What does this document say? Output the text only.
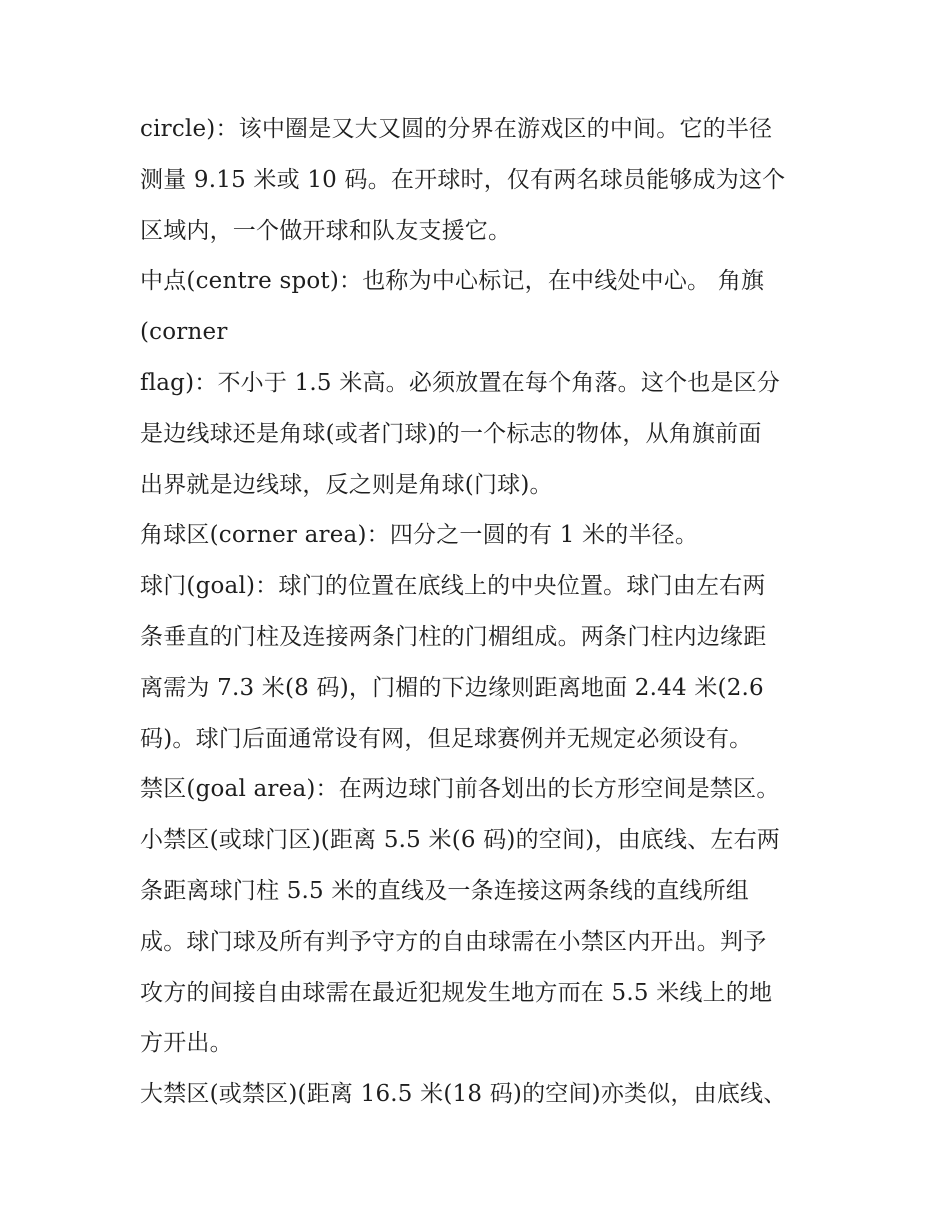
circle)：该中圈是又大又圆的分界在游戏区的中间。它的半径
测量 9.15 米或 10 码。在开球时，仅有两名球员能够成为这个
区域内，一个做开球和队友支援它。
中点(centre spot)：也称为中心标记，在中线处中心。 角旗
(corner
flag)：不小于 1.5 米高。必须放置在每个角落。这个也是区分
是边线球还是角球(或者门球)的一个标志的物体，从角旗前面
出界就是边线球，反之则是角球(门球)。
角球区(corner area)：四分之一圆的有 1 米的半径。
球门(goal)：球门的位置在底线上的中央位置。球门由左右两
条垂直的门柱及连接两条门柱的门楣组成。两条门柱内边缘距
离需为 7.3 米(8 码)，门楣的下边缘则距离地面 2.44 米(2.6
码)。球门后面通常设有网，但足球赛例并无规定必须设有。
禁区(goal area)：在两边球门前各划出的长方形空间是禁区。
小禁区(或球门区)(距离 5.5 米(6 码)的空间)，由底线、左右两
条距离球门柱 5.5 米的直线及一条连接这两条线的直线所组
成。球门球及所有判予守方的自由球需在小禁区内开出。判予
攻方的间接自由球需在最近犯规发生地方而在 5.5 米线上的地
方开出。
大禁区(或禁区)(距离 16.5 米(18 码)的空间)亦类似，由底线、
